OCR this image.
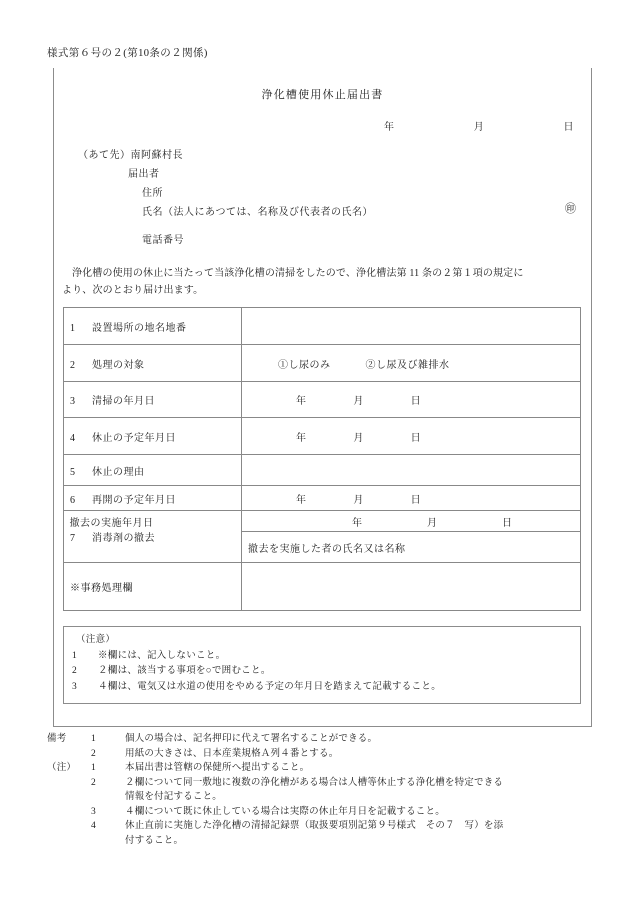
様式第６号の２(第10条の２関係)
浄化槽使用休止届出書
年	月	日
（あて先）南阿蘇村長
届出者
住所
氏名（法人にあつては、名称及び代表者の氏名）	㊞
電話番号
浄化槽の使用の休止に当たって当該浄化槽の清掃をしたので、浄化槽法第 11 条の２第１項の規定に
より、次のとおり届け出ます。
1 設置場所の地名地番	
2 処理の対象	①し尿のみ	②し尿及び雑排水

3 清掃の年月日	年	月	日

4 休止の予定年月日	年	月	日

5 休止の理由	
6 再開の予定年月日	年	月	日

7 消毒剤の撤去	
撤去の実施年月日	年	月	日

撤去を実施した者の氏名又は名称

※事務処理欄	
（注意）
1	※欄には、記入しないこと。
2	２欄は、該当する事項を○で囲むこと。
3	４欄は、電気又は水道の使用をやめる予定の年月日を踏まえて記載すること。
備考	1	個人の場合は、記名押印に代えて署名することができる。
2	用紙の大きさは、日本産業規格Ａ列４番とする。
（注）	1	本届出書は管轄の保健所へ提出すること。
2	２欄について同一敷地に複数の浄化槽がある場合は人槽等休止する浄化槽を特定できる
情報を付記すること。
3	４欄について既に休止している場合は実際の休止年月日を記載すること。
4	休止直前に実施した浄化槽の清掃記録票（取扱要項別記第９号様式　その７　写）を添
付すること。
